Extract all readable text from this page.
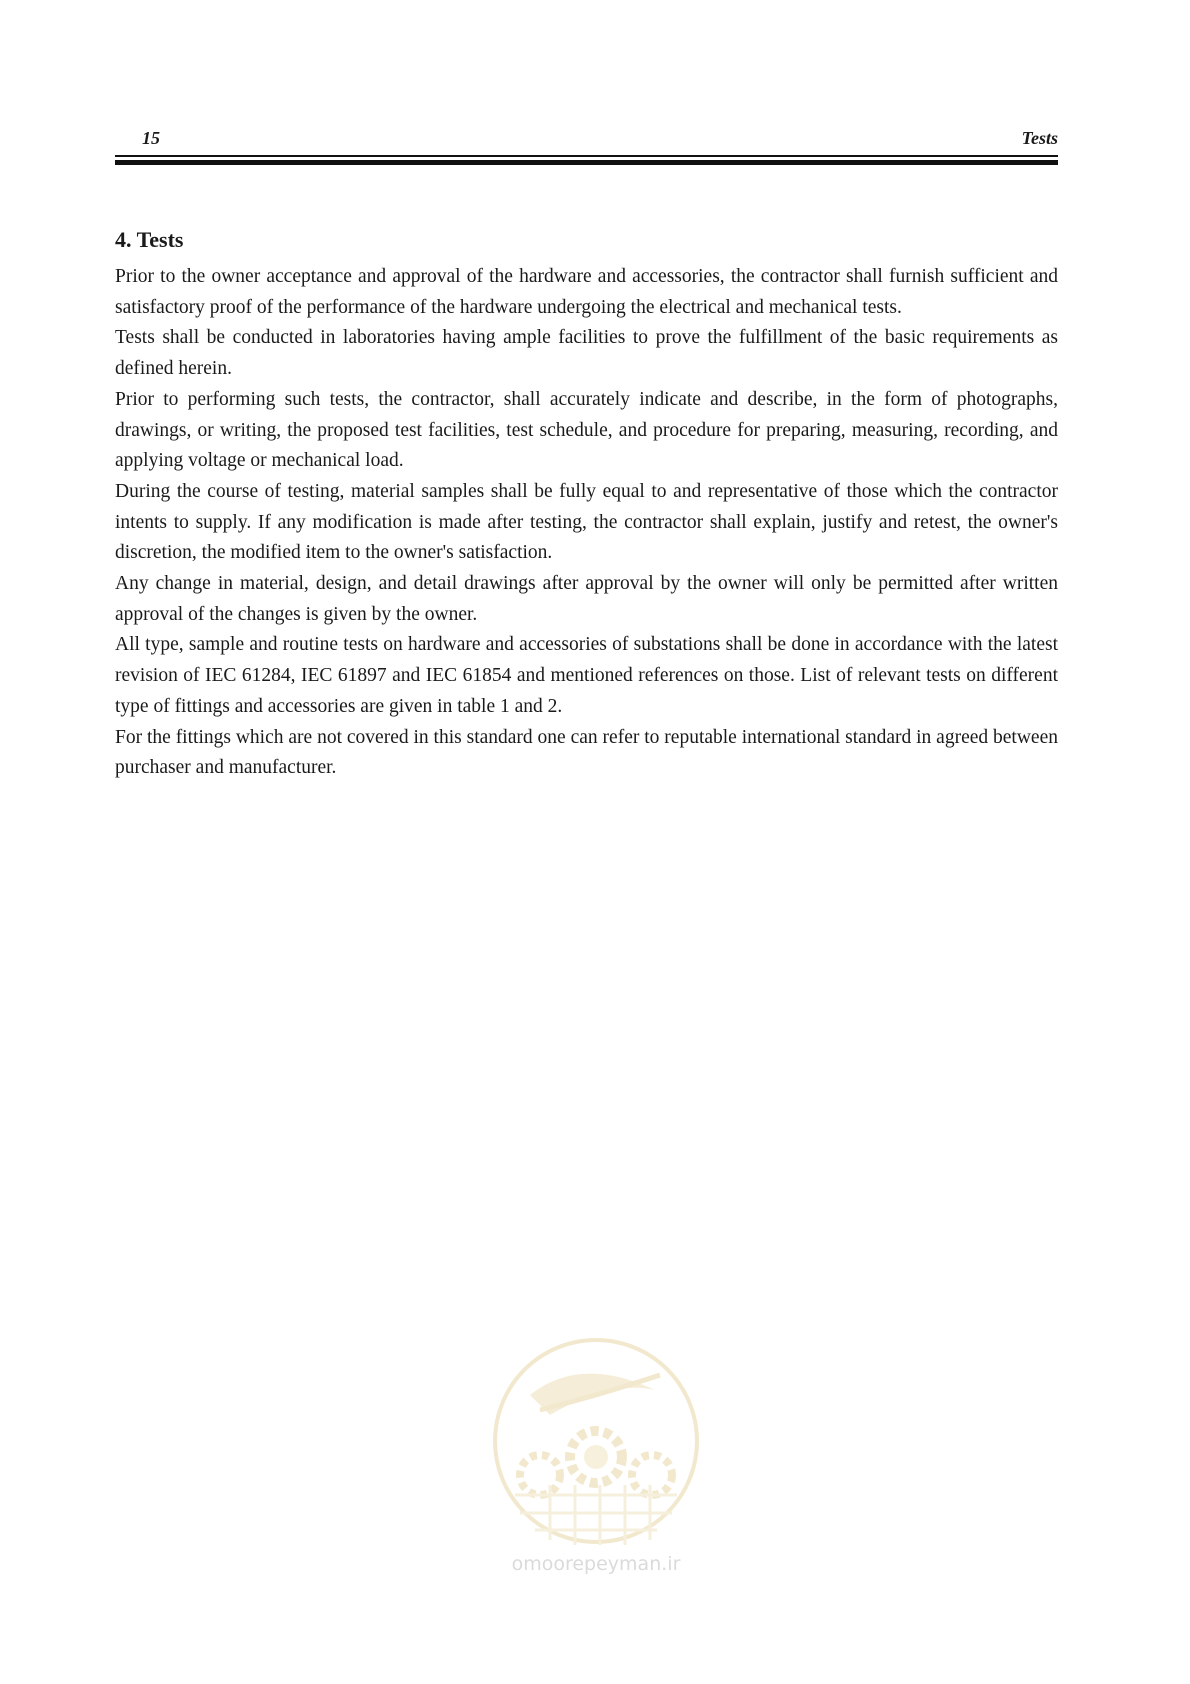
15	Tests
4. Tests

Prior to the owner acceptance and approval of the hardware and accessories, the contractor shall furnish sufficient and satisfactory proof of the performance of the hardware undergoing the electrical and mechanical tests.

Tests shall be conducted in laboratories having ample facilities to prove the fulfillment of the basic requirements as defined herein.

Prior to performing such tests, the contractor, shall accurately indicate and describe, in the form of photographs, drawings, or writing, the proposed test facilities, test schedule, and procedure for preparing, measuring, recording, and applying voltage or mechanical load.

During the course of testing, material samples shall be fully equal to and representative of those which the contractor intents to supply. If any modification is made after testing, the contractor shall explain, justify and retest, the owner's discretion, the modified item to the owner's satisfaction.

Any change in material, design, and detail drawings after approval by the owner will only be permitted after written approval of the changes is given by the owner.

All type, sample and routine tests on hardware and accessories of substations shall be done in accordance with the latest revision of IEC 61284, IEC 61897 and IEC 61854 and mentioned references on those. List of relevant tests on different type of fittings and accessories are given in table 1 and 2.

For the fittings which are not covered in this standard one can refer to reputable international standard in agreed between purchaser and manufacturer.

omoorepeyman.ir
